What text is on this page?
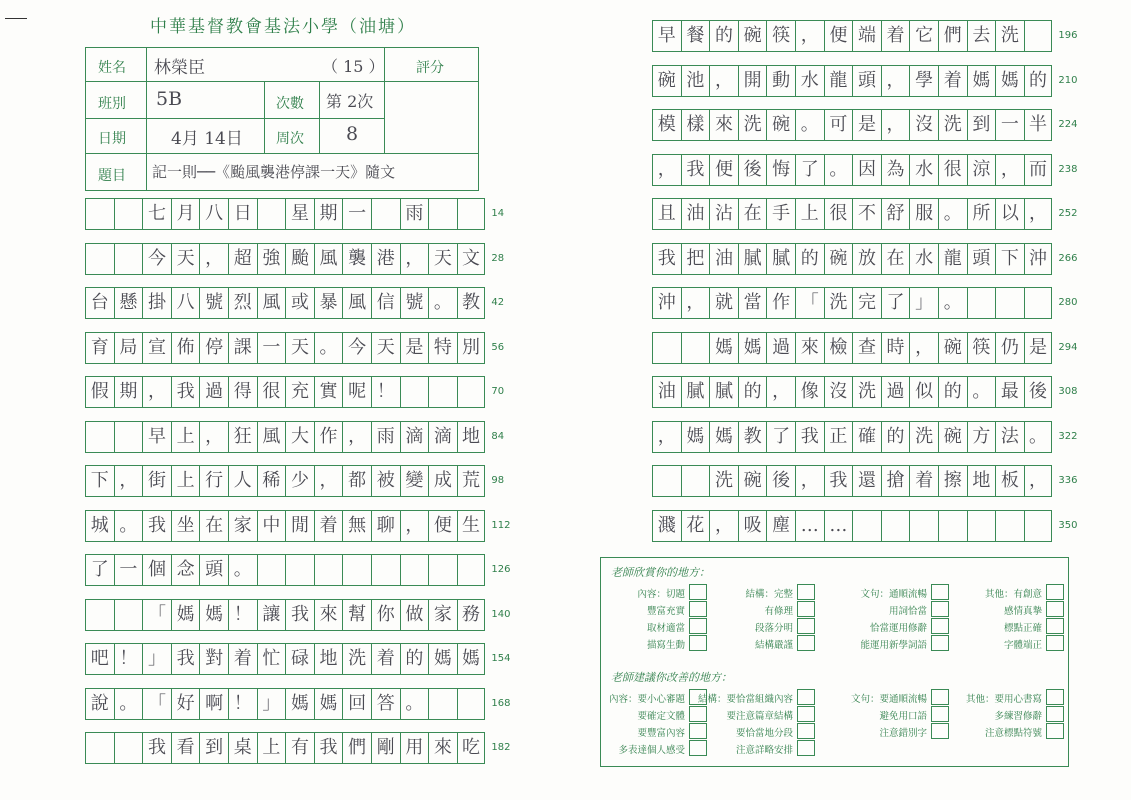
中華基督教會基法小學（油塘）
姓名 林榮臣	（ 15 ） 評分
班別 5B	次數 第 2次
日期	4月 14日 周次 8
題目 記一則──《颱風襲港停課一天》隨文
老師欣賞你的地方：
老師建議你改善的地方：
內容：切題
豐富充實
取材適當
描寫生動
結構：完整
有條理
段落分明
結構嚴謹
文句：通順流暢
用詞恰當
恰當運用修辭
能運用新學詞語
其他：有創意
感情真摯
標點正確
字體端正
內容：要小心審題
要確定文體
要豐富內容
多表達個人感受
結構：要恰當組織內容
要注意篇章結構
要恰當地分段
注意詳略安排
文句：要通順流暢
避免用口語
注意錯別字
其他：要用心書寫
多練習修辭
注意標點符號
七 月 八 日	星 期 一	雨	14
今 天 ， 超 強 颱 風 襲 港 ， 天 文	28
台 懸 掛 八 號 烈 風 或 暴 風 信 號 。 教	42
育 局 宣 佈 停 課 一 天 。 今 天 是 特 別	56
假 期 ， 我 過 得 很 充 實 呢 ！	70
早 上 ， 狂 風 大 作 ， 雨 滴 滴 地	84
下 ， 街 上 行 人 稀 少 ， 都 被 變 成 荒	98
城 。 我 坐 在 家 中 閒 着 無 聊 ， 便 生	112
了 一 個 念 頭 。	126
「 媽 媽 ！ 讓 我 來 幫 你 做 家 務	140
吧 ！ 」 我 對 着 忙 碌 地 洗 着 的 媽 媽	154
說 。 「 好 啊 ！ 」 媽 媽 回 答 。	168
我 看 到 桌 上 有 我 們 剛 用 來 吃	182
早 餐 的 碗 筷 ， 便 端 着 它 們 去 洗	196
碗 池 ， 開 動 水 龍 頭 ， 學 着 媽 媽 的	210
模 樣 來 洗 碗 。 可 是 ， 沒 洗 到 一 半	224
， 我 便 後 悔 了 。 因 為 水 很 涼 ， 而	238
且 油 沾 在 手 上 很 不 舒 服 。 所 以 ，	252
我 把 油 膩 膩 的 碗 放 在 水 龍 頭 下 沖	266
沖 ， 就 當 作 「 洗 完 了 」 。	280
媽 媽 過 來 檢 查 時 ， 碗 筷 仍 是	294
油 膩 膩 的 ， 像 沒 洗 過 似 的 。 最 後	308
， 媽 媽 教 了 我 正 確 的 洗 碗 方 法 。	322
洗 碗 後 ， 我 還 搶 着 擦 地 板 ，	336
濺 花 ， 吸 塵 … …	350
